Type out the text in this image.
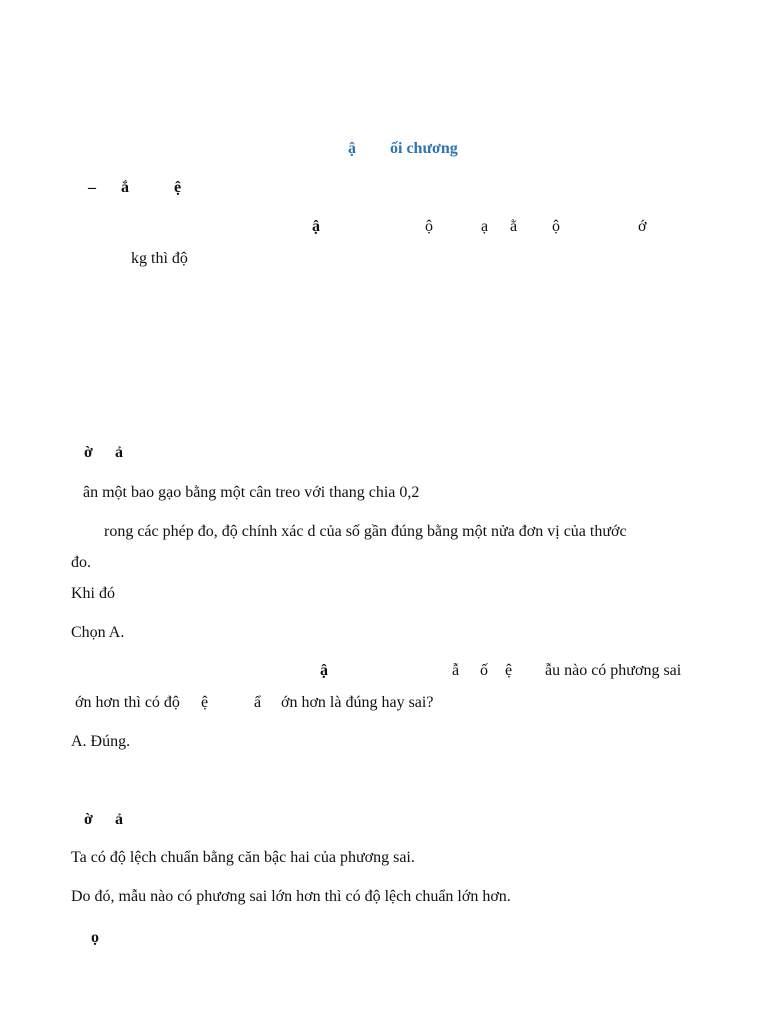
ậ ối chương
– ắ	ệ
ậ	ộ	ạ ằ ộ	ớ
kg thì độ
ờ ả
ân một bao gạo bằng một cân treo với thang chia 0,2
rong các phép đo, độ chính xác d của số gần đúng bằng một nửa đơn vị của thước
đo.
Khi đó
Chọn A.
ậ	ẫ ố ệ ẫu nào có phương sai
ớn hơn thì có độ ệ	ẩ ớn hơn là đúng hay sai?
A. Đúng.
ờ ả
Ta có độ lệch chuẩn bằng căn bậc hai của phương sai.
Do đó, mẫu nào có phương sai lớn hơn thì có độ lệch chuẩn lớn hơn.
ọ
